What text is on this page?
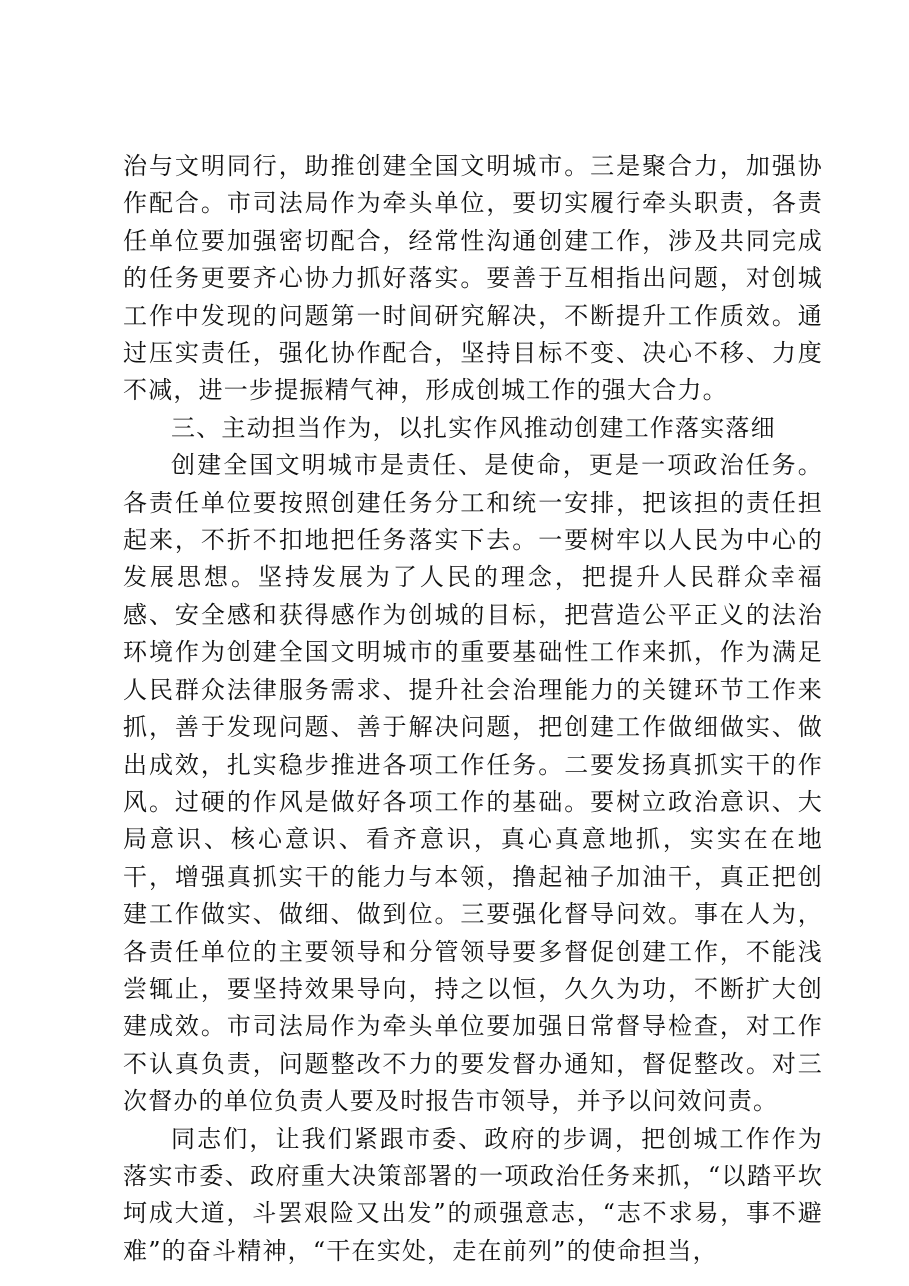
治与文明同行，助推创建全国文明城市。三是聚合力，加强协作配合。市司法局作为牵头单位，要切实履行牵头职责，各责任单位要加强密切配合，经常性沟通创建工作，涉及共同完成的任务更要齐心协力抓好落实。要善于互相指出问题，对创城工作中发现的问题第一时间研究解决，不断提升工作质效。通过压实责任，强化协作配合，坚持目标不变、决心不移、力度不减，进一步提振精气神，形成创城工作的强大合力。

三、主动担当作为，以扎实作风推动创建工作落实落细

创建全国文明城市是责任、是使命，更是一项政治任务。各责任单位要按照创建任务分工和统一安排，把该担的责任担起来，不折不扣地把任务落实下去。一要树牢以人民为中心的发展思想。坚持发展为了人民的理念，把提升人民群众幸福感、安全感和获得感作为创城的目标，把营造公平正义的法治环境作为创建全国文明城市的重要基础性工作来抓，作为满足人民群众法律服务需求、提升社会治理能力的关键环节工作来抓，善于发现问题、善于解决问题，把创建工作做细做实、做出成效，扎实稳步推进各项工作任务。二要发扬真抓实干的作风。过硬的作风是做好各项工作的基础。要树立政治意识、大局意识、核心意识、看齐意识，真心真意地抓，实实在在地干，增强真抓实干的能力与本领，撸起袖子加油干，真正把创建工作做实、做细、做到位。三要强化督导问效。事在人为，各责任单位的主要领导和分管领导要多督促创建工作，不能浅尝辄止，要坚持效果导向，持之以恒，久久为功，不断扩大创建成效。市司法局作为牵头单位要加强日常督导检查，对工作不认真负责，问题整改不力的要发督办通知，督促整改。对三次督办的单位负责人要及时报告市领导，并予以问效问责。

同志们，让我们紧跟市委、政府的步调，把创城工作作为落实市委、政府重大决策部署的一项政治任务来抓，“以踏平坎坷成大道，斗罢艰险又出发”的顽强意志，“志不求易，事不避难”的奋斗精神，“干在实处，走在前列”的使命担当，
